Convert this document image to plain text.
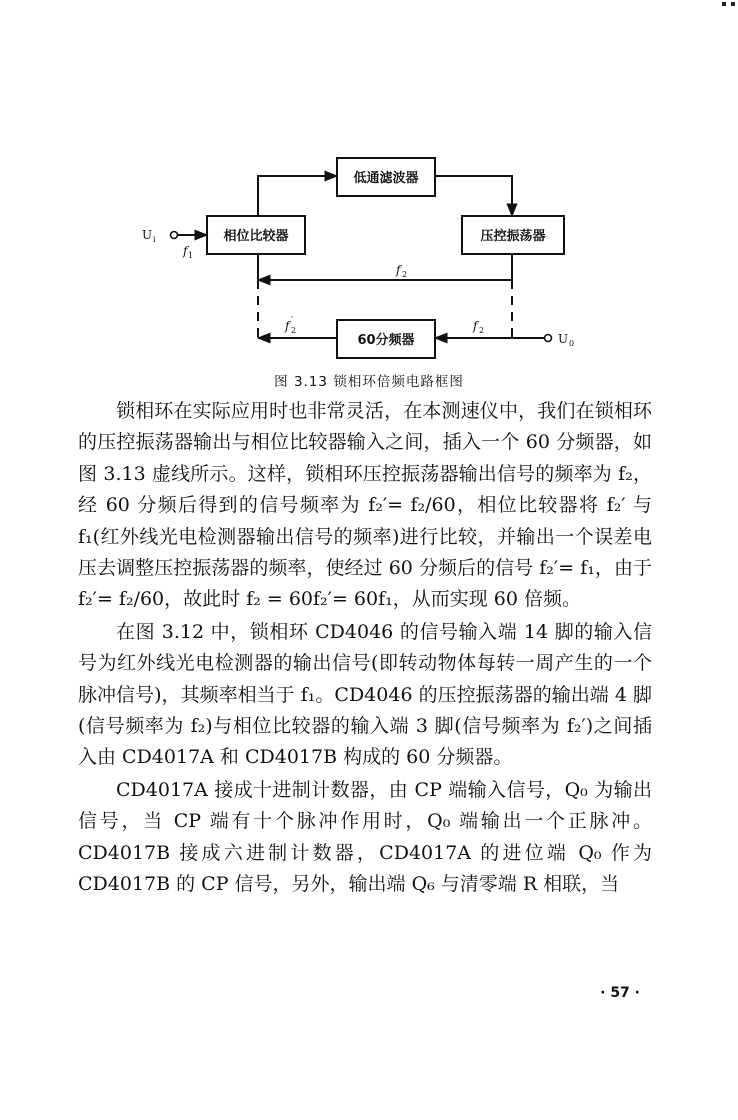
低通滤波器
相位比较器	压控振荡器
60分频器
U i
f 1
f 2
f ′
2	f 2
U 0
图 3.13 锁相环倍频电路框图

锁相环在实际应用时也非常灵活，在本测速仪中，我们在锁相环的压控振荡器输出与相位比较器输入之间，插入一个 60 分频器，如图 3.13 虚线所示。这样，锁相环压控振荡器输出信号的频率为 f₂，经 60 分频后得到的信号频率为 f₂′= f₂/60，相位比较器将 f₂′ 与 f₁(红外线光电检测器输出信号的频率)进行比较，并输出一个误差电压去调整压控振荡器的频率，使经过 60 分频后的信号 f₂′= f₁，由于 f₂′= f₂/60，故此时 f₂ = 60f₂′= 60f₁，从而实现 60 倍频。

在图 3.12 中，锁相环 CD4046 的信号输入端 14 脚的输入信号为红外线光电检测器的输出信号(即转动物体每转一周产生的一个脉冲信号)，其频率相当于 f₁。CD4046 的压控振荡器的输出端 4 脚(信号频率为 f₂)与相位比较器的输入端 3 脚(信号频率为 f₂′)之间插入由 CD4017A 和 CD4017B 构成的 60 分频器。

CD4017A 接成十进制计数器，由 CP 端输入信号，Q₀ 为输出信号，当 CP 端有十个脉冲作用时，Q₀ 端输出一个正脉冲。CD4017B 接成六进制计数器，CD4017A 的进位端 Q₀ 作为 CD4017B 的 CP 信号，另外，输出端 Q₆ 与清零端 R 相联，当

· 57 ·
